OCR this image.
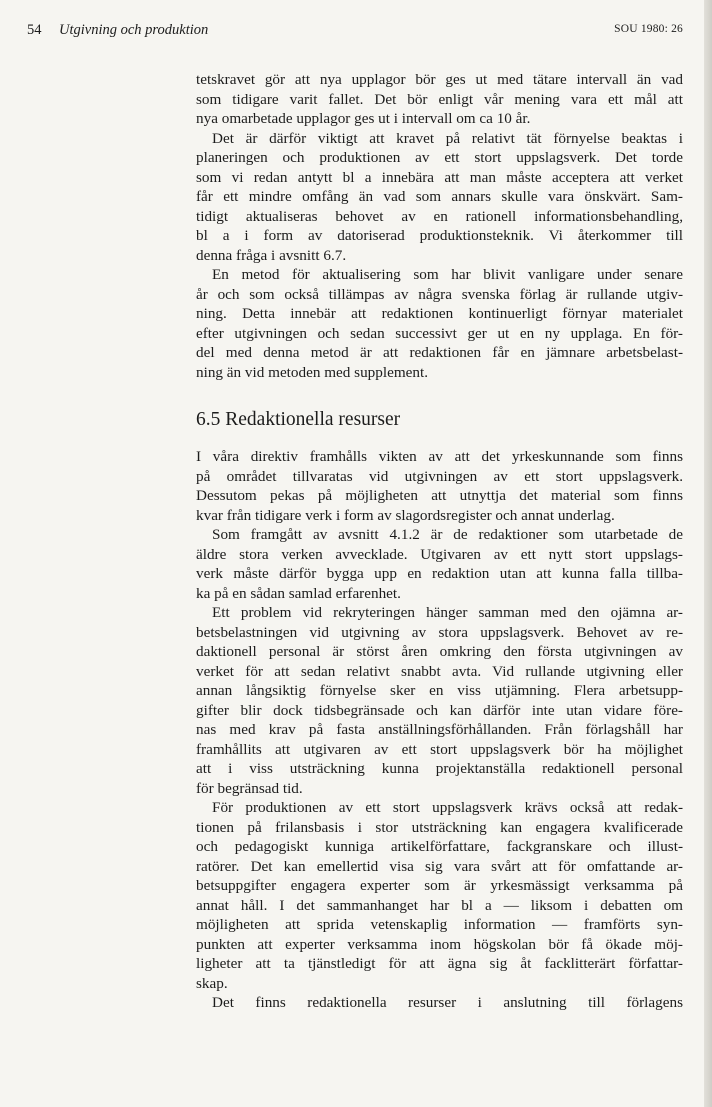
54 Utgivning och produktion	SOU 1980: 26
tetskravet gör att nya upplagor bör ges ut med tätare intervall än vad
som tidigare varit fallet. Det bör enligt vår mening vara ett mål att
nya omarbetade upplagor ges ut i intervall om ca 10 år.
Det är därför viktigt att kravet på relativt tät förnyelse beaktas i
planeringen och produktionen av ett stort uppslagsverk. Det torde
som vi redan antytt bl a innebära att man måste acceptera att verket
får ett mindre omfång än vad som annars skulle vara önskvärt. Sam-
tidigt aktualiseras behovet av en rationell informationsbehandling,
bl a i form av datoriserad produktionsteknik. Vi återkommer till
denna fråga i avsnitt 6.7.
En metod för aktualisering som har blivit vanligare under senare
år och som också tillämpas av några svenska förlag är rullande utgiv-
ning. Detta innebär att redaktionen kontinuerligt förnyar materialet
efter utgivningen och sedan successivt ger ut en ny upplaga. En för-
del med denna metod är att redaktionen får en jämnare arbetsbelast-
ning än vid metoden med supplement.
6.5 Redaktionella resurser
I våra direktiv framhålls vikten av att det yrkeskunnande som finns
på området tillvaratas vid utgivningen av ett stort uppslagsverk.
Dessutom pekas på möjligheten att utnyttja det material som finns
kvar från tidigare verk i form av slagordsregister och annat underlag.
Som framgått av avsnitt 4.1.2 är de redaktioner som utarbetade de
äldre stora verken avvecklade. Utgivaren av ett nytt stort uppslags-
verk måste därför bygga upp en redaktion utan att kunna falla tillba-
ka på en sådan samlad erfarenhet.
Ett problem vid rekryteringen hänger samman med den ojämna ar-
betsbelastningen vid utgivning av stora uppslagsverk. Behovet av re-
daktionell personal är störst åren omkring den första utgivningen av
verket för att sedan relativt snabbt avta. Vid rullande utgivning eller
annan långsiktig förnyelse sker en viss utjämning. Flera arbetsupp-
gifter blir dock tidsbegränsade och kan därför inte utan vidare före-
nas med krav på fasta anställningsförhållanden. Från förlagshåll har
framhållits att utgivaren av ett stort uppslagsverk bör ha möjlighet
att i viss utsträckning kunna projektanställa redaktionell personal
för begränsad tid.
För produktionen av ett stort uppslagsverk krävs också att redak-
tionen på frilansbasis i stor utsträckning kan engagera kvalificerade
och pedagogiskt kunniga artikelförfattare, fackgranskare och illust-
ratörer. Det kan emellertid visa sig vara svårt att för omfattande ar-
betsuppgifter engagera experter som är yrkesmässigt verksamma på
annat håll. I det sammanhanget har bl a — liksom i debatten om
möjligheten att sprida vetenskaplig information — framförts syn-
punkten att experter verksamma inom högskolan bör få ökade möj-
ligheter att ta tjänstledigt för att ägna sig åt facklitterärt författar-
skap.
Det finns redaktionella resurser i anslutning till förlagens
